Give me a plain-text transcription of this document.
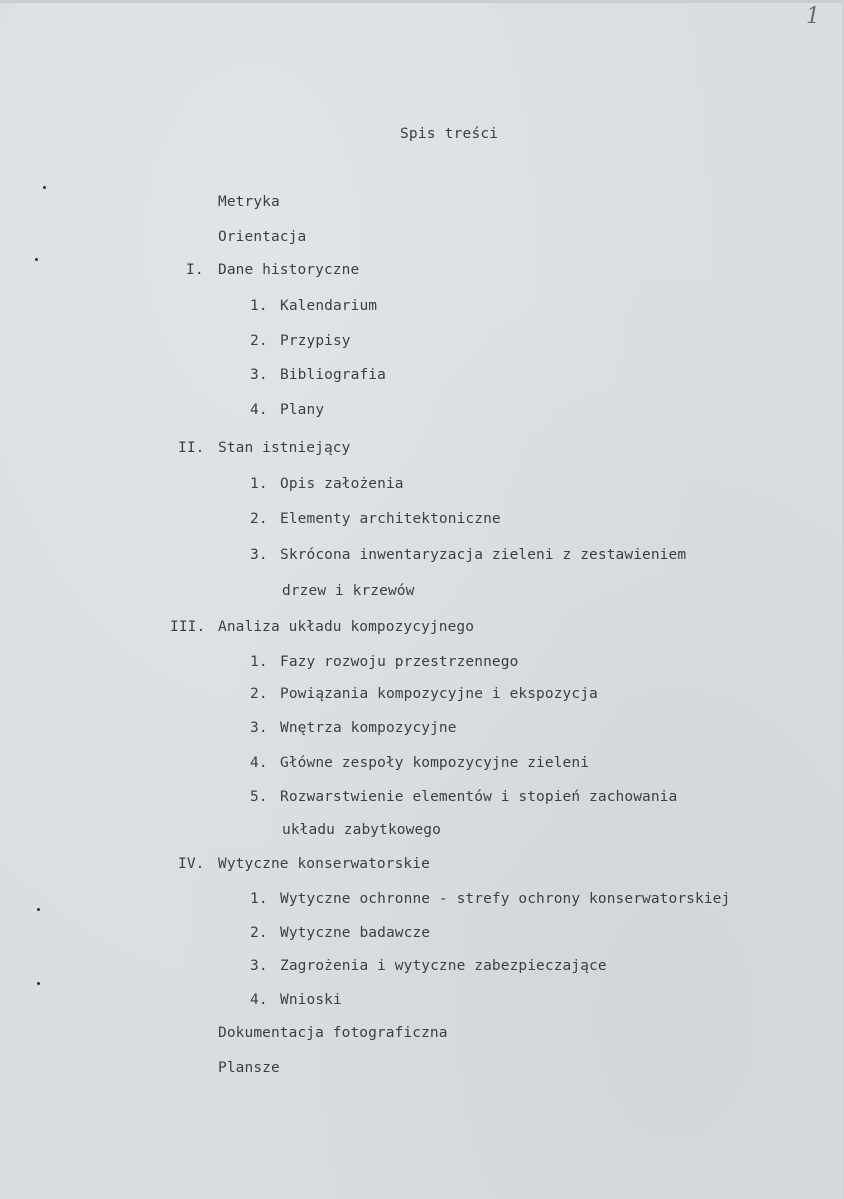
1
Spis treści
Metryka
Orientacja
I. Dane historyczne
1. Kalendarium
2. Przypisy
3. Bibliografia
4. Plany
II. Stan istniejący
1. Opis założenia
2. Elementy architektoniczne
3. Skrócona inwentaryzacja zieleni z zestawieniem
drzew i krzewów
III. Analiza układu kompozycyjnego
1. Fazy rozwoju przestrzennego
2. Powiązania kompozycyjne i ekspozycja
3. Wnętrza kompozycyjne
4. Główne zespoły kompozycyjne zieleni
5. Rozwarstwienie elementów i stopień zachowania
układu zabytkowego
IV. Wytyczne konserwatorskie
1. Wytyczne ochronne - strefy ochrony konserwatorskiej
2. Wytyczne badawcze
3. Zagrożenia i wytyczne zabezpieczające
4. Wnioski
Dokumentacja fotograficzna
Plansze
